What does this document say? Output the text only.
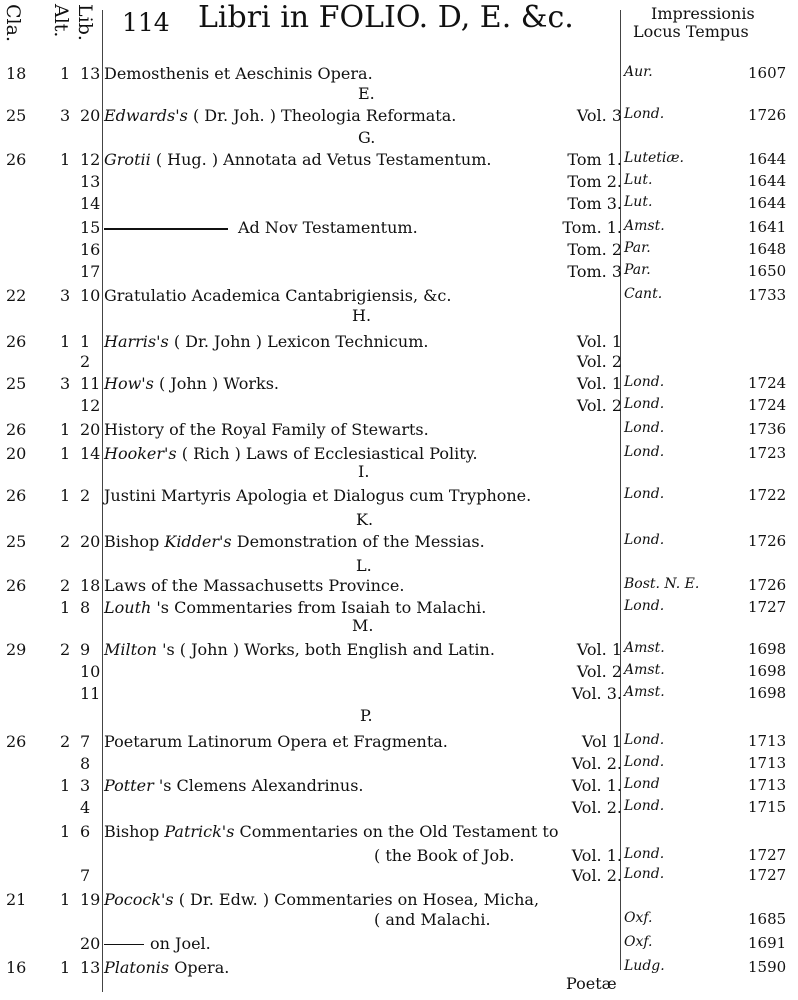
Cla. Alt. Lib. 114 Libri in FOLIO. D, E. &c.	Impressionis
Locus Tempus
E.
G.
H.
I.
K.
L.
M.
P.
18 1 13 Demosthenis et Aeschinis Opera.	Aur.	1607
25 3 20 Edwards's ( Dr. Joh. ) Theologia Reformata.	Vol. 3 Lond.	1726
26 1 12 Grotii ( Hug. ) Annotata ad Vetus Testamentum.	Tom 1. Lutetiæ.	1644
13	Tom 2. Lut.	1644
14	Tom 3. Lut.	1644
15	Ad Nov Testamentum.	Tom. 1. Amst.	1641
16	Tom. 2 Par.	1648
17	Tom. 3 Par.	1650
22 3 10 Gratulatio Academica Cantabrigiensis, &c.	Cant.	1733
26 1 1 Harris's ( Dr. John ) Lexicon Technicum.	Vol. 1
2	Vol. 2
25 3 11 How's ( John ) Works.	Vol. 1 Lond.	1724
12	Vol. 2 Lond.	1724
26 1 20 History of the Royal Family of Stewarts.	Lond.	1736
20 1 14 Hooker's ( Rich ) Laws of Ecclesiastical Polity.	Lond.	1723
26 1 2 Justini Martyris Apologia et Dialogus cum Tryphone.	Lond.	1722
25 2 20 Bishop Kidder's Demonstration of the Messias.	Lond.	1726
26 2 18 Laws of the Massachusetts Province.	Bost. N. E.	1726
1 8 Louth 's Commentaries from Isaiah to Malachi.	Lond.	1727
29 2 9 Milton 's ( John ) Works, both English and Latin.	Vol. 1 Amst.	1698
10	Vol. 2 Amst.	1698
11	Vol. 3. Amst.	1698
26 2 7 Poetarum Latinorum Opera et Fragmenta.	Vol 1 Lond.	1713
8	Vol. 2. Lond.	1713
1 3 Potter 's Clemens Alexandrinus.	Vol. 1. Lond	1713
4	Vol. 2. Lond.	1715
1 6 Bishop Patrick's Commentaries on the Old Testament to
( the Book of Job.	Vol. 1. Lond.	1727
7	Vol. 2. Lond.	1727
21 1 19 Pocock's ( Dr. Edw. ) Commentaries on Hosea, Micha,
( and Malachi.	Oxf.	1685
20	on Joel.	Oxf.	1691
16 1 13 Platonis Opera.	Ludg.	1590
Poetæ
